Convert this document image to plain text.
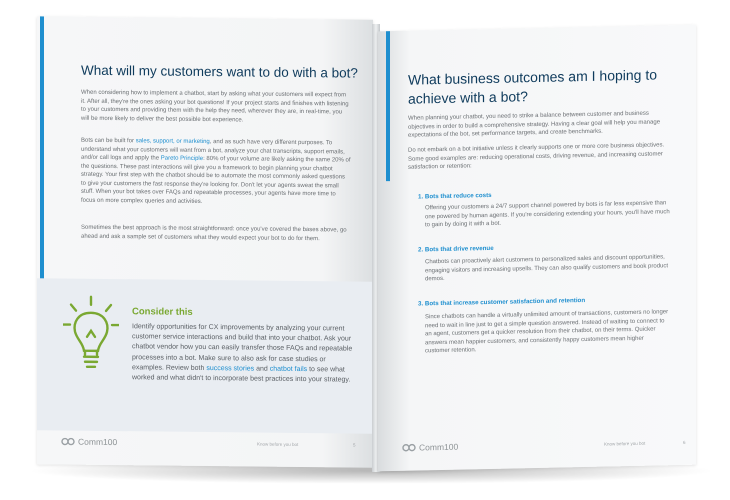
What will my customers want to do with a bot?

When considering how to implement a chatbot, start by asking what your customers will expect from it. After all, they're the ones asking your bot questions! If your project starts and finishes with listening to your customers and providing them with the help they need, wherever they are, in real-time, you will be more likely to deliver the best possible bot experience.

Bots can be built for sales, support, or marketing, and as such have very different purposes. To understand what your customers will want from a bot, analyze your chat transcripts, support emails, and/or call logs and apply the Pareto Principle: 80% of your volume are likely asking the same 20% of the questions. These past interactions will give you a framework to begin planning your chatbot strategy. Your first step with the chatbot should be to automate the most commonly asked questions to give your customers the fast response they're looking for. Don't let your agents sweat the small stuff. When your bot takes over FAQs and repeatable processes, your agents have more time to focus on more complex queries and activities.

Sometimes the best approach is the most straightforward: once you've covered the bases above, go ahead and ask a sample set of customers what they would expect your bot to do for them.

Consider this

Identify opportunities for CX improvements by analyzing your current customer service interactions and build that into your chatbot. Ask your chatbot vendor how you can easily transfer those FAQs and repeatable processes into a bot. Make sure to also ask for case studies or examples. Review both success stories and chatbot fails to see what worked and what didn't to incorporate best practices into your strategy.

Comm100	Know before you bot	5
What business outcomes am I hoping to achieve with a bot?

When planning your chatbot, you need to strike a balance between customer and business objectives in order to build a comprehensive strategy. Having a clear goal will help you manage expectations of the bot, set performance targets, and create benchmarks.

Do not embark on a bot initiative unless it clearly supports one or more core business objectives. Some good examples are: reducing operational costs, driving revenue, and increasing customer satisfaction or retention:

1. Bots that reduce costs

Offering your customers a 24/7 support channel powered by bots is far less expensive than one powered by human agents. If you're considering extending your hours, you'll have much to gain by doing it with a bot.

2. Bots that drive revenue

Chatbots can proactively alert customers to personalized sales and discount opportunities, engaging visitors and increasing upsells. They can also qualify customers and book product demos.

3. Bots that increase customer satisfaction and retention

Since chatbots can handle a virtually unlimited amount of transactions, customers no longer need to wait in line just to get a simple question answered. Instead of waiting to connect to an agent, customers get a quicker resolution from their chatbot, on their terms. Quicker answers mean happier customers, and consistently happy customers mean higher customer retention.

Comm100	Know before you bot	6
